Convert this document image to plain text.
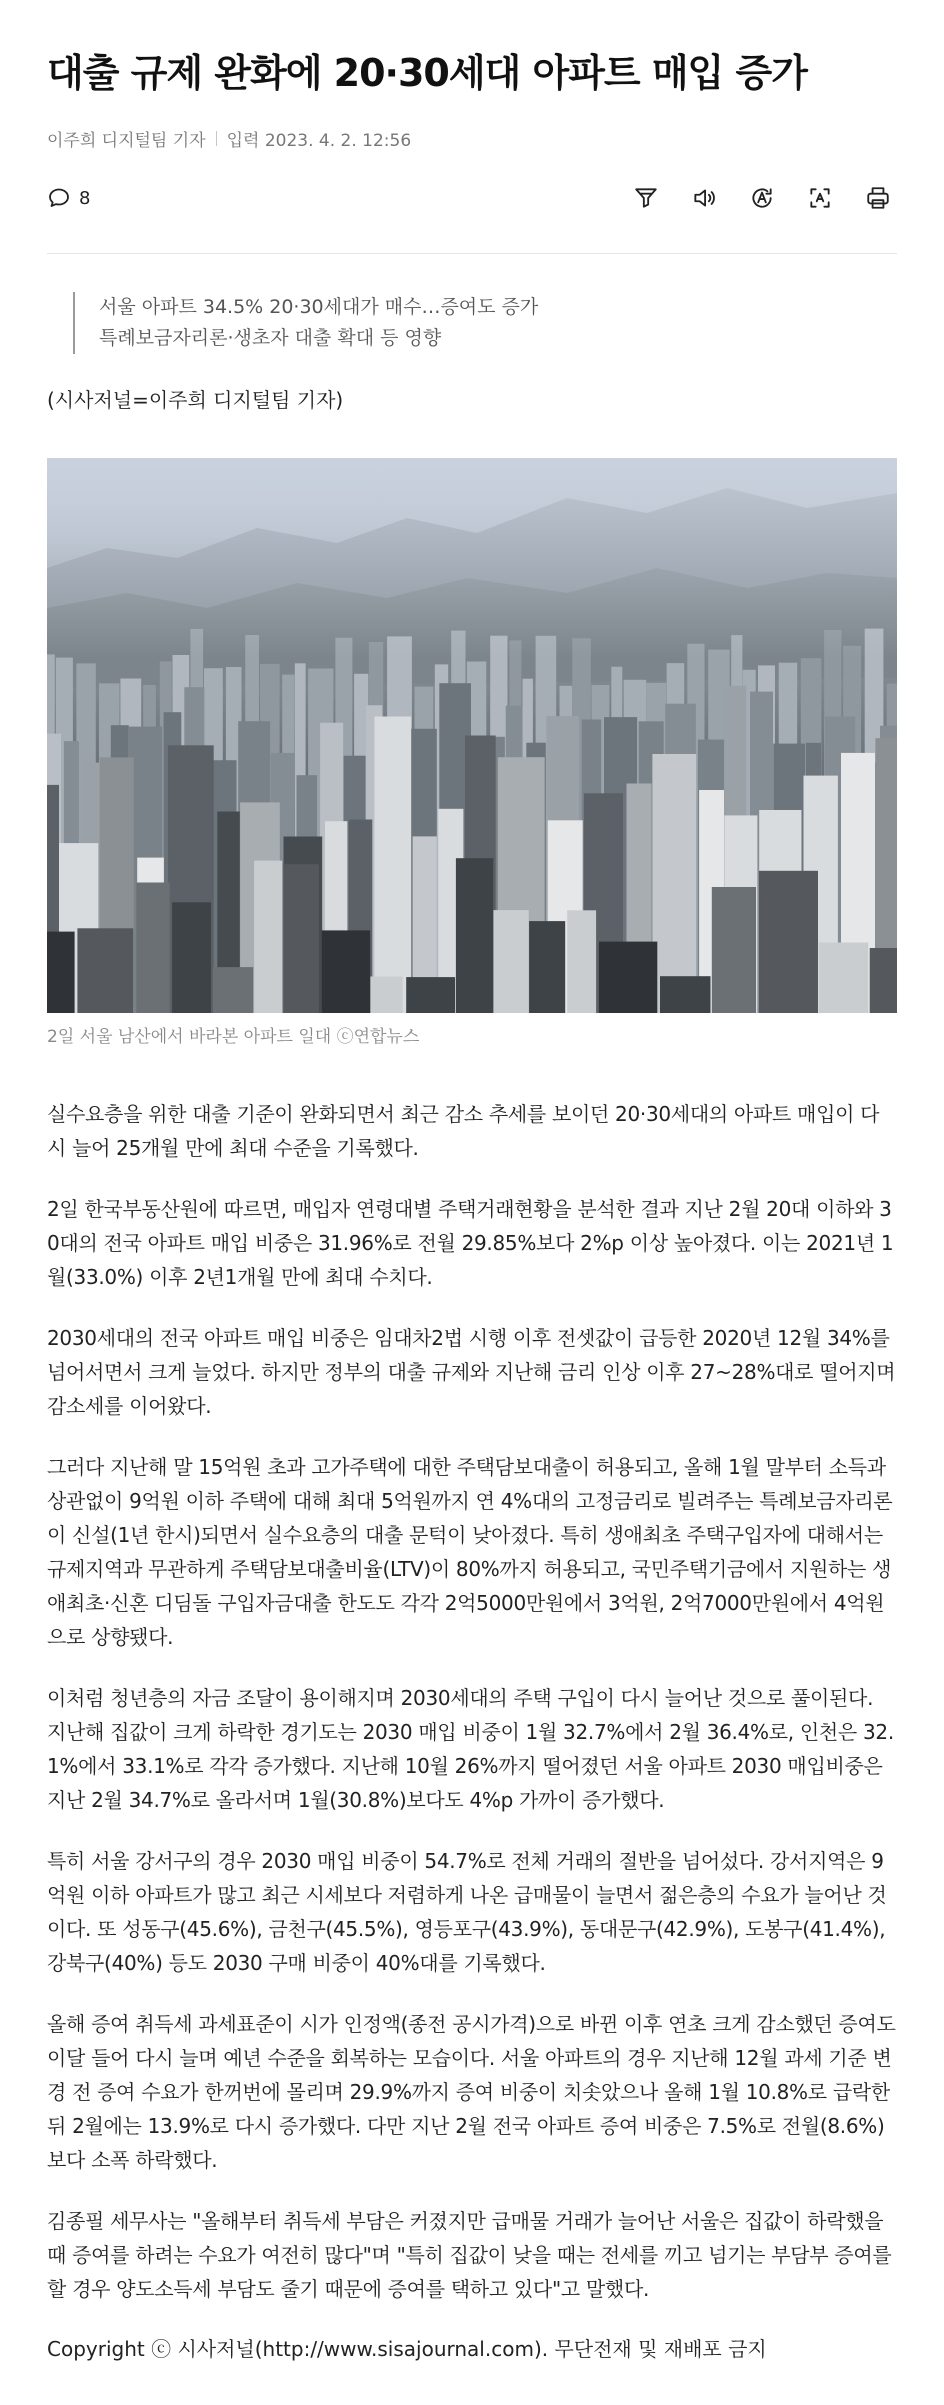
대출 규제 완화에 20·30세대 아파트 매입 증가
이주희 디지털팀 기자 입력 2023. 4. 2. 12:56
8
서울 아파트 34.5% 20·30세대가 매수…증여도 증가
특례보금자리론·생초자 대출 확대 등 영향
(시사저널=이주희 디지털팀 기자)
2일 서울 남산에서 바라본 아파트 일대 ⓒ연합뉴스

실수요층을 위한 대출 기준이 완화되면서 최근 감소 추세를 보이던 20·30세대의 아파트 매입이 다시 늘어 25개월 만에 최대 수준을 기록했다.

2일 한국부동산원에 따르면, 매입자 연령대별 주택거래현황을 분석한 결과 지난 2월 20대 이하와 30대의 전국 아파트 매입 비중은 31.96%로 전월 29.85%보다 2%p 이상 높아졌다. 이는 2021년 1월(33.0%) 이후 2년1개월 만에 최대 수치다.

2030세대의 전국 아파트 매입 비중은 임대차2법 시행 이후 전셋값이 급등한 2020년 12월 34%를 넘어서면서 크게 늘었다. 하지만 정부의 대출 규제와 지난해 금리 인상 이후 27~28%대로 떨어지며 감소세를 이어왔다.

그러다 지난해 말 15억원 초과 고가주택에 대한 주택담보대출이 허용되고, 올해 1월 말부터 소득과 상관없이 9억원 이하 주택에 대해 최대 5억원까지 연 4%대의 고정금리로 빌려주는 특례보금자리론이 신설(1년 한시)되면서 실수요층의 대출 문턱이 낮아졌다. 특히 생애최초 주택구입자에 대해서는 규제지역과 무관하게 주택담보대출비율(LTV)이 80%까지 허용되고, 국민주택기금에서 지원하는 생애최초·신혼 디딤돌 구입자금대출 한도도 각각 2억5000만원에서 3억원, 2억7000만원에서 4억원으로 상향됐다.

이처럼 청년층의 자금 조달이 용이해지며 2030세대의 주택 구입이 다시 늘어난 것으로 풀이된다. 지난해 집값이 크게 하락한 경기도는 2030 매입 비중이 1월 32.7%에서 2월 36.4%로, 인천은 32.1%에서 33.1%로 각각 증가했다. 지난해 10월 26%까지 떨어졌던 서울 아파트 2030 매입비중은 지난 2월 34.7%로 올라서며 1월(30.8%)보다도 4%p 가까이 증가했다.

특히 서울 강서구의 경우 2030 매입 비중이 54.7%로 전체 거래의 절반을 넘어섰다. 강서지역은 9억원 이하 아파트가 많고 최근 시세보다 저렴하게 나온 급매물이 늘면서 젊은층의 수요가 늘어난 것이다. 또 성동구(45.6%), 금천구(45.5%), 영등포구(43.9%), 동대문구(42.9%), 도봉구(41.4%), 강북구(40%) 등도 2030 구매 비중이 40%대를 기록했다.

올해 증여 취득세 과세표준이 시가 인정액(종전 공시가격)으로 바뀐 이후 연초 크게 감소했던 증여도 이달 들어 다시 늘며 예년 수준을 회복하는 모습이다. 서울 아파트의 경우 지난해 12월 과세 기준 변경 전 증여 수요가 한꺼번에 몰리며 29.9%까지 증여 비중이 치솟았으나 올해 1월 10.8%로 급락한 뒤 2월에는 13.9%로 다시 증가했다. 다만 지난 2월 전국 아파트 증여 비중은 7.5%로 전월(8.6%)보다 소폭 하락했다.

김종필 세무사는 "올해부터 취득세 부담은 커졌지만 급매물 거래가 늘어난 서울은 집값이 하락했을 때 증여를 하려는 수요가 여전히 많다"며 "특히 집값이 낮을 때는 전세를 끼고 넘기는 부담부 증여를 할 경우 양도소득세 부담도 줄기 때문에 증여를 택하고 있다"고 말했다.

Copyright ⓒ 시사저널(http://www.sisajournal.com). 무단전재 및 재배포 금지
